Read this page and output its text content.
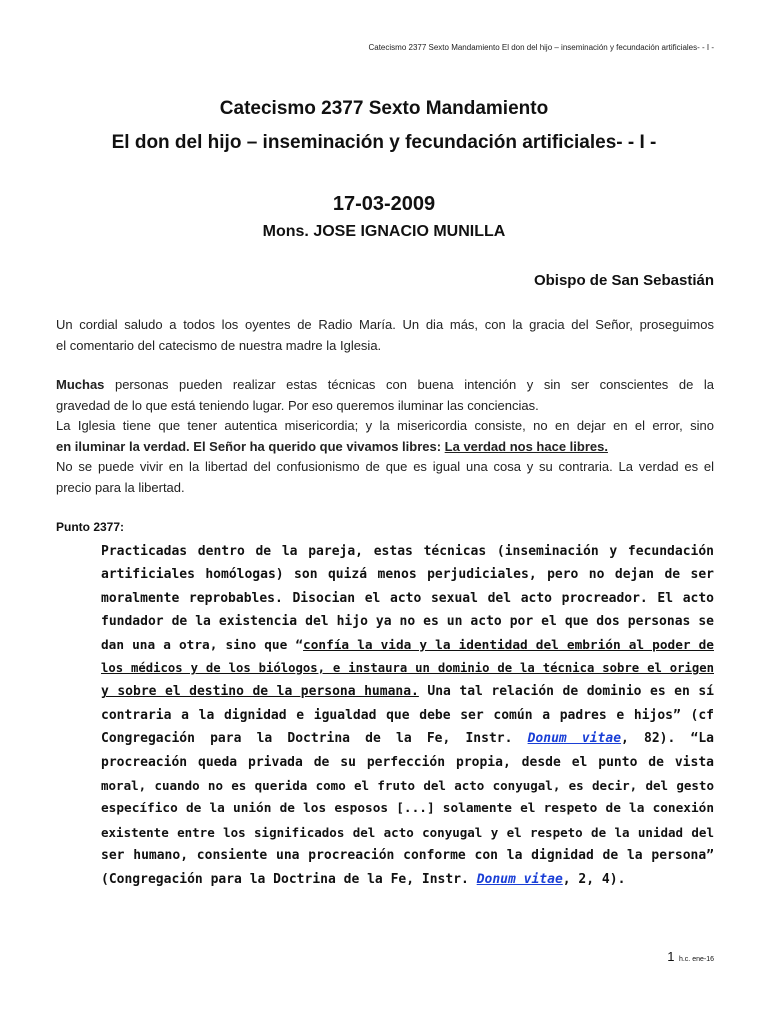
Catecismo 2377 Sexto Mandamiento El don del hijo – inseminación y fecundación artificiales- - I -
Catecismo 2377 Sexto Mandamiento
El don del hijo – inseminación y fecundación artificiales- - I -
17-03-2009
Mons. JOSE IGNACIO MUNILLA
Obispo de San Sebastián
Un cordial saludo a todos los oyentes de Radio María. Un dia más, con la gracia del Señor, proseguimos
el comentario del catecismo de nuestra madre la Iglesia.
Muchas personas pueden realizar estas técnicas con buena intención y sin ser conscientes de la
gravedad de lo que está teniendo lugar. Por eso queremos iluminar las conciencias.
La Iglesia tiene que tener autentica misericordia; y la misericordia consiste, no en dejar en el error, sino
en iluminar la verdad. El Señor ha querido que vivamos libres: La verdad nos hace libres.
No se puede vivir en la libertad del confusionismo de que es igual una cosa y su contraria. La verdad es el
precio para la libertad.
Punto 2377:
Practicadas dentro de la pareja, estas técnicas (inseminación y fecundación
artificiales homólogas) son quizá menos perjudiciales, pero no dejan de ser
moralmente reprobables. Disocian el acto sexual del acto procreador. El acto
fundador de la existencia del hijo ya no es un acto por el que dos personas se
dan una a otra, sino que “confía la vida y la identidad del embrión al poder de
los médicos y de los biólogos, e instaura un dominio de la técnica sobre el origen
y sobre el destino de la persona humana. Una tal relación de dominio es en sí
contraria a la dignidad e igualdad que debe ser común a padres e hijos” (cf
Congregación para la Doctrina de la Fe, Instr. Donum vitae, 82). “La
procreación queda privada de su perfección propia, desde el punto de vista
moral, cuando no es querida como el fruto del acto conyugal, es decir, del gesto
específico de la unión de los esposos [...] solamente el respeto de la conexión
existente entre los significados del acto conyugal y el respeto de la unidad del
ser humano, consiente una procreación conforme con la dignidad de la persona”
(Congregación para la Doctrina de la Fe, Instr. Donum vitae, 2, 4).
1 h.c. ene-16
